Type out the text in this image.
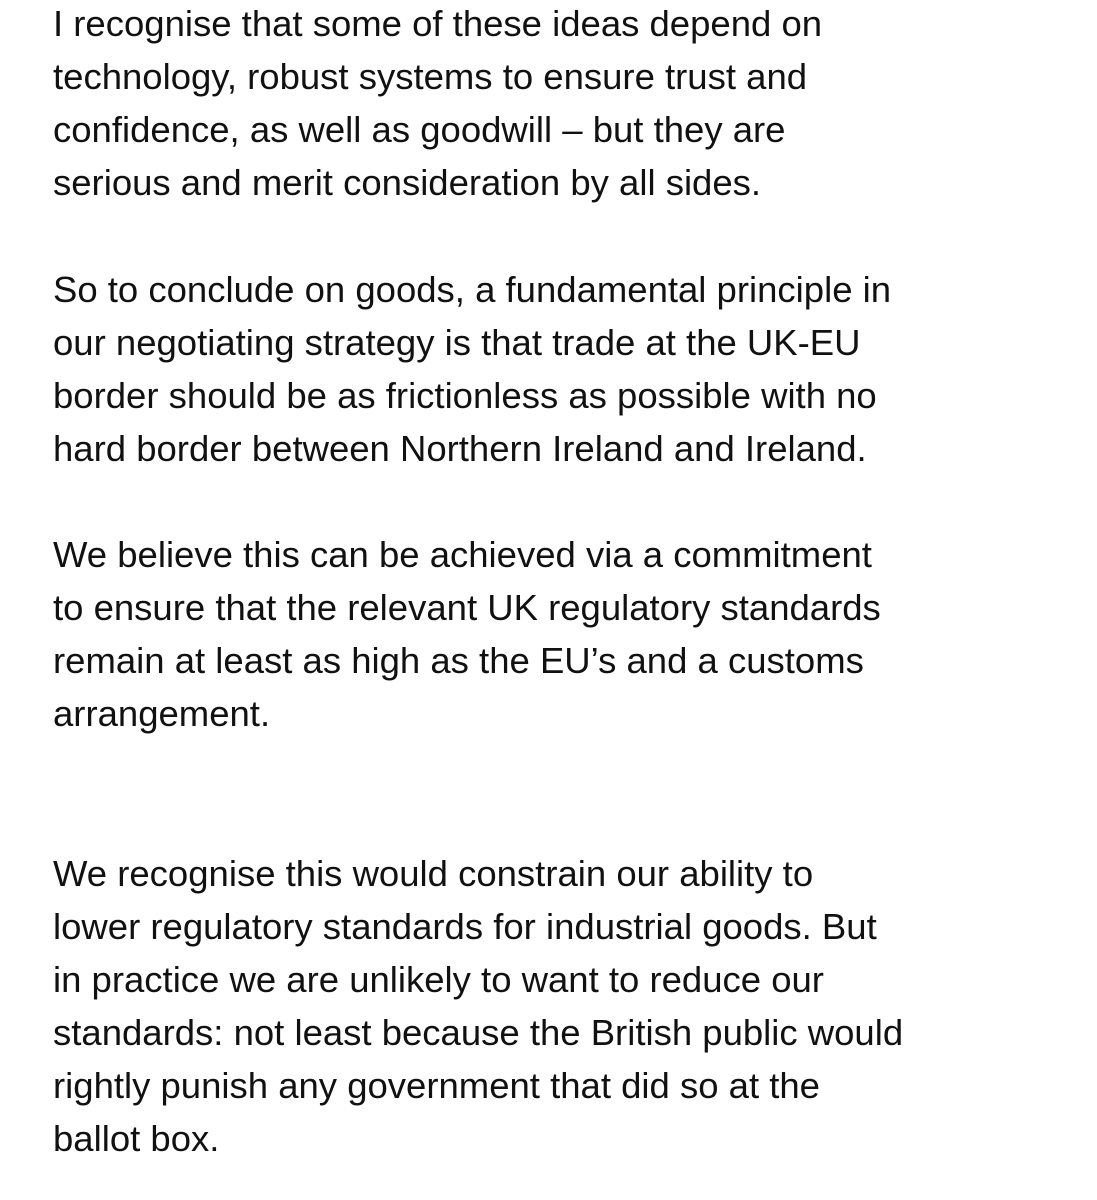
I recognise that some of these ideas depend on
technology, robust systems to ensure trust and
confidence, as well as goodwill – but they are
serious and merit consideration by all sides.

So to conclude on goods, a fundamental principle in
our negotiating strategy is that trade at the UK-EU
border should be as frictionless as possible with no
hard border between Northern Ireland and Ireland.

We believe this can be achieved via a commitment
to ensure that the relevant UK regulatory standards
remain at least as high as the EU’s and a customs
arrangement.

We recognise this would constrain our ability to
lower regulatory standards for industrial goods. But
in practice we are unlikely to want to reduce our
standards: not least because the British public would
rightly punish any government that did so at the
ballot box.
